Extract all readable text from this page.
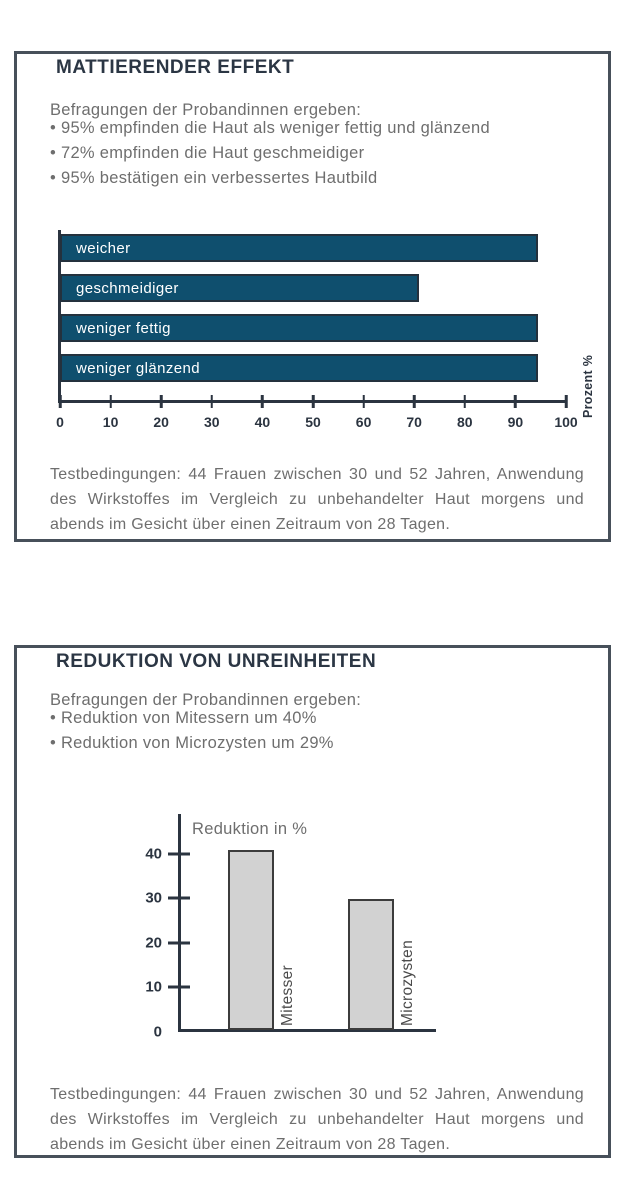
MATTIERENDER EFFEKT

Befragungen der Probandinnen ergeben:

• 95% empfinden die Haut als weniger fettig und glänzend
• 72% empfinden die Haut geschmeidiger
• 95% bestätigen ein verbessertes Hautbild
weicher
geschmeidiger
weniger fettig
weniger glänzend
0	10	20	30	40	50	60	70	80	90 100
Prozent %

Testbedingungen: 44 Frauen zwischen 30 und 52 Jahren, Anwendung des Wirkstoffes im Vergleich zu unbehandelter Haut morgens und abends im Gesicht über einen Zeitraum von 28 Tagen.

REDUKTION VON UNREINHEITEN

Befragungen der Probandinnen ergeben:

• Reduktion von Mitessern um 40%
• Reduktion von Microzysten um 29%
Reduktion in %
0
10
20
30
40
Mitesser	Microzysten

Testbedingungen: 44 Frauen zwischen 30 und 52 Jahren, Anwendung des Wirkstoffes im Vergleich zu unbehandelter Haut morgens und abends im Gesicht über einen Zeitraum von 28 Tagen.
